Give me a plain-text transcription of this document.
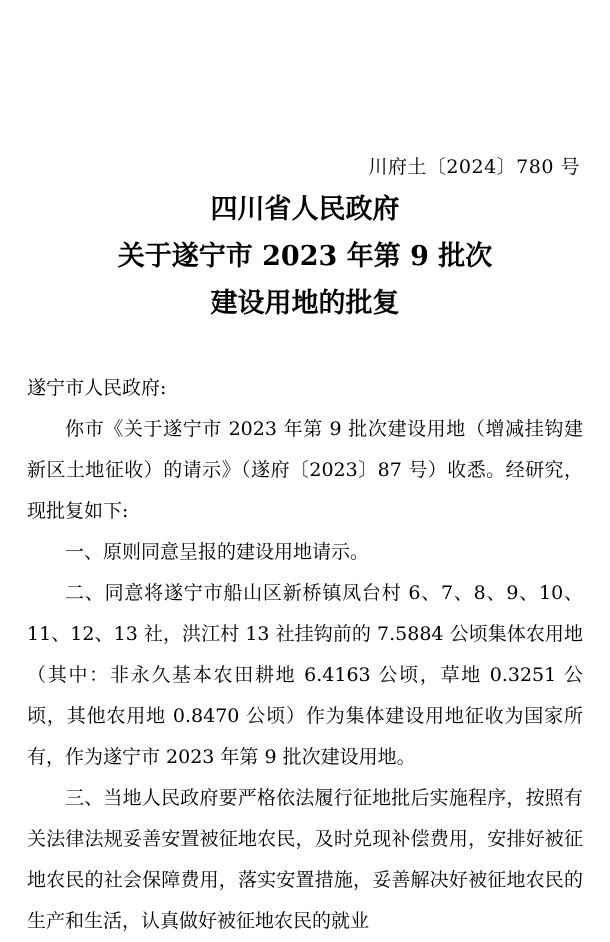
川府土〔2024〕780 号
四川省人民政府
关于遂宁市 2023 年第 9 批次
建设用地的批复

遂宁市人民政府:

你市《关于遂宁市 2023 年第 9 批次建设用地（增减挂钩建新区土地征收）的请示》（遂府〔2023〕87 号）收悉。经研究，现批复如下:

一、原则同意呈报的建设用地请示。

二、同意将遂宁市船山区新桥镇凤台村 6、7、8、9、10、11、12、13 社，洪江村 13 社挂钩前的 7.5884 公顷集体农用地（其中：非永久基本农田耕地 6.4163 公顷，草地 0.3251 公顷，其他农用地 0.8470 公顷）作为集体建设用地征收为国家所有，作为遂宁市 2023 年第 9 批次建设用地。

三、当地人民政府要严格依法履行征地批后实施程序，按照有关法律法规妥善安置被征地农民，及时兑现补偿费用，安排好被征地农民的社会保障费用，落实安置措施，妥善解决好被征地农民的生产和生活，认真做好被征地农民的就业
